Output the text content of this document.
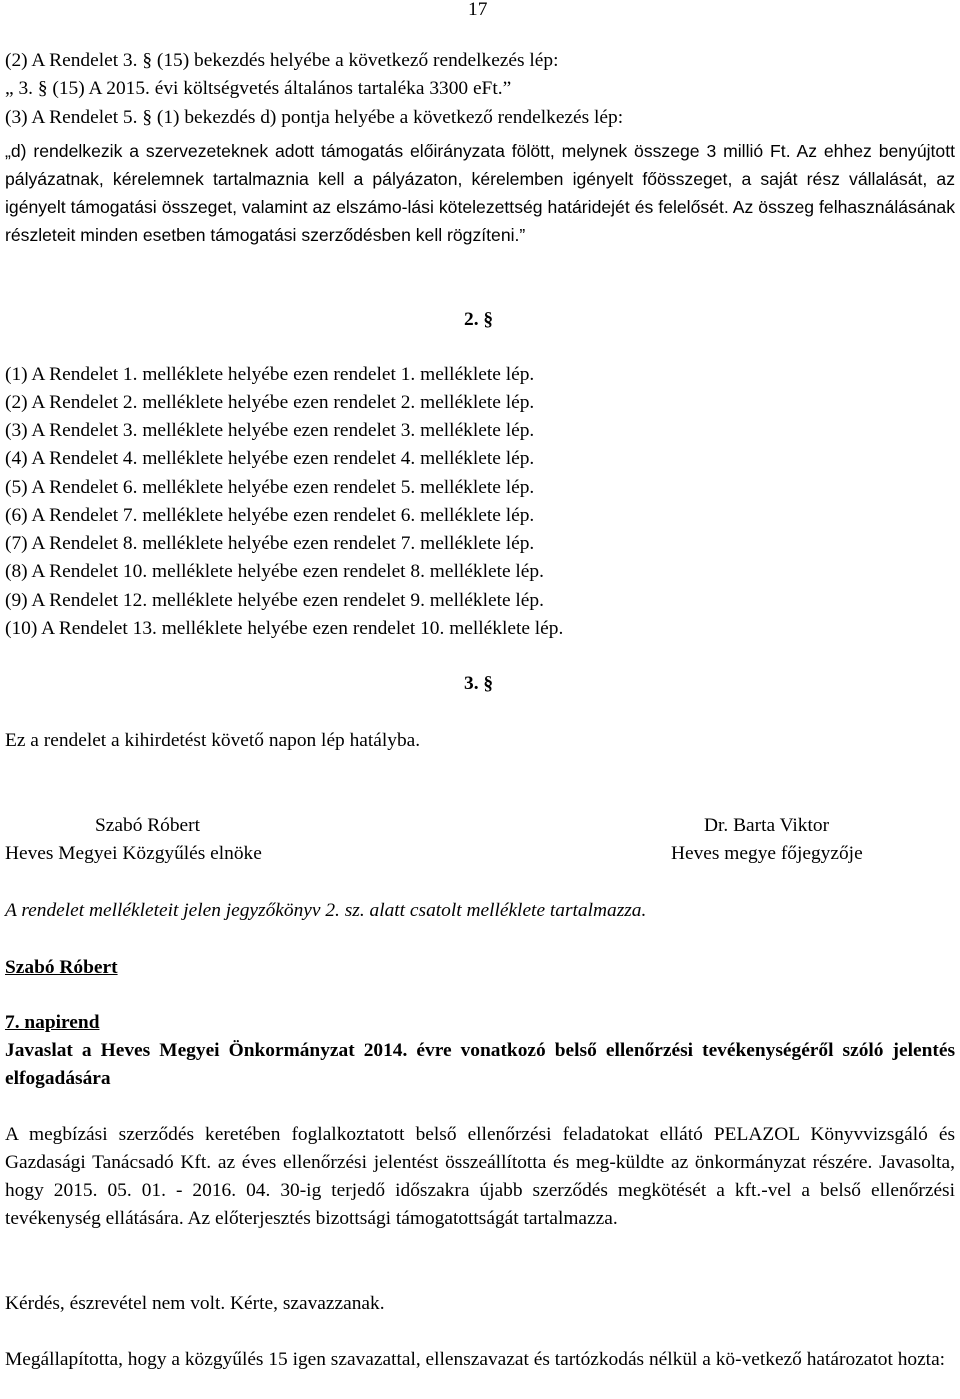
17
(2) A Rendelet 3. § (15) bekezdés helyébe a következő rendelkezés lép:
„ 3. § (15) A 2015. évi költségvetés általános tartaléka 3300 eFt.”
(3) A Rendelet 5. § (1) bekezdés d) pontja helyébe a következő rendelkezés lép:
„d) rendelkezik a szervezeteknek adott támogatás előirányzata fölött, melynek összege 3 millió Ft. Az ehhez benyújtott pályázatnak, kérelemnek tartalmaznia kell a pályázaton, kérelemben igényelt főösszeget, a saját rész vállalását, az igényelt támogatási összeget, valamint az elszámo-lási kötelezettség határidejét és felelősét. Az összeg felhasználásának részleteit minden esetben támogatási szerződésben kell rögzíteni.”
2. §
(1) A Rendelet 1. melléklete helyébe ezen rendelet 1. melléklete lép.
(2) A Rendelet 2. melléklete helyébe ezen rendelet 2. melléklete lép.
(3) A Rendelet 3. melléklete helyébe ezen rendelet 3. melléklete lép.
(4) A Rendelet 4. melléklete helyébe ezen rendelet 4. melléklete lép.
(5) A Rendelet 6. melléklete helyébe ezen rendelet 5. melléklete lép.
(6) A Rendelet 7. melléklete helyébe ezen rendelet 6. melléklete lép.
(7) A Rendelet 8. melléklete helyébe ezen rendelet 7. melléklete lép.
(8) A Rendelet 10. melléklete helyébe ezen rendelet 8. melléklete lép.
(9) A Rendelet 12. melléklete helyébe ezen rendelet 9. melléklete lép.
(10) A Rendelet 13. melléklete helyébe ezen rendelet 10. melléklete lép.
3. §
Ez a rendelet a kihirdetést követő napon lép hatályba.
Szabó Róbert
Heves Megyei Közgyűlés elnöke
Dr. Barta Viktor
Heves megye főjegyzője
A rendelet mellékleteit jelen jegyzőkönyv 2. sz. alatt csatolt melléklete tartalmazza.
Szabó Róbert
7. napirend
Javaslat a Heves Megyei Önkormányzat 2014. évre vonatkozó belső ellenőrzési tevékenységéről szóló jelentés elfogadására
A megbízási szerződés keretében foglalkoztatott belső ellenőrzési feladatokat ellátó PELAZOL Könyvvizsgáló és Gazdasági Tanácsadó Kft. az éves ellenőrzési jelentést összeállította és meg-küldte az önkormányzat részére. Javasolta, hogy 2015. 05. 01. - 2016. 04. 30-ig terjedő időszakra újabb szerződés megkötését a kft.-vel a belső ellenőrzési tevékenység ellátására. Az előterjesztés bizottsági támogatottságát tartalmazza.
Kérdés, észrevétel nem volt. Kérte, szavazzanak.
Megállapította, hogy a közgyűlés 15 igen szavazattal, ellenszavazat és tartózkodás nélkül a kö-vetkező határozatot hozta:
